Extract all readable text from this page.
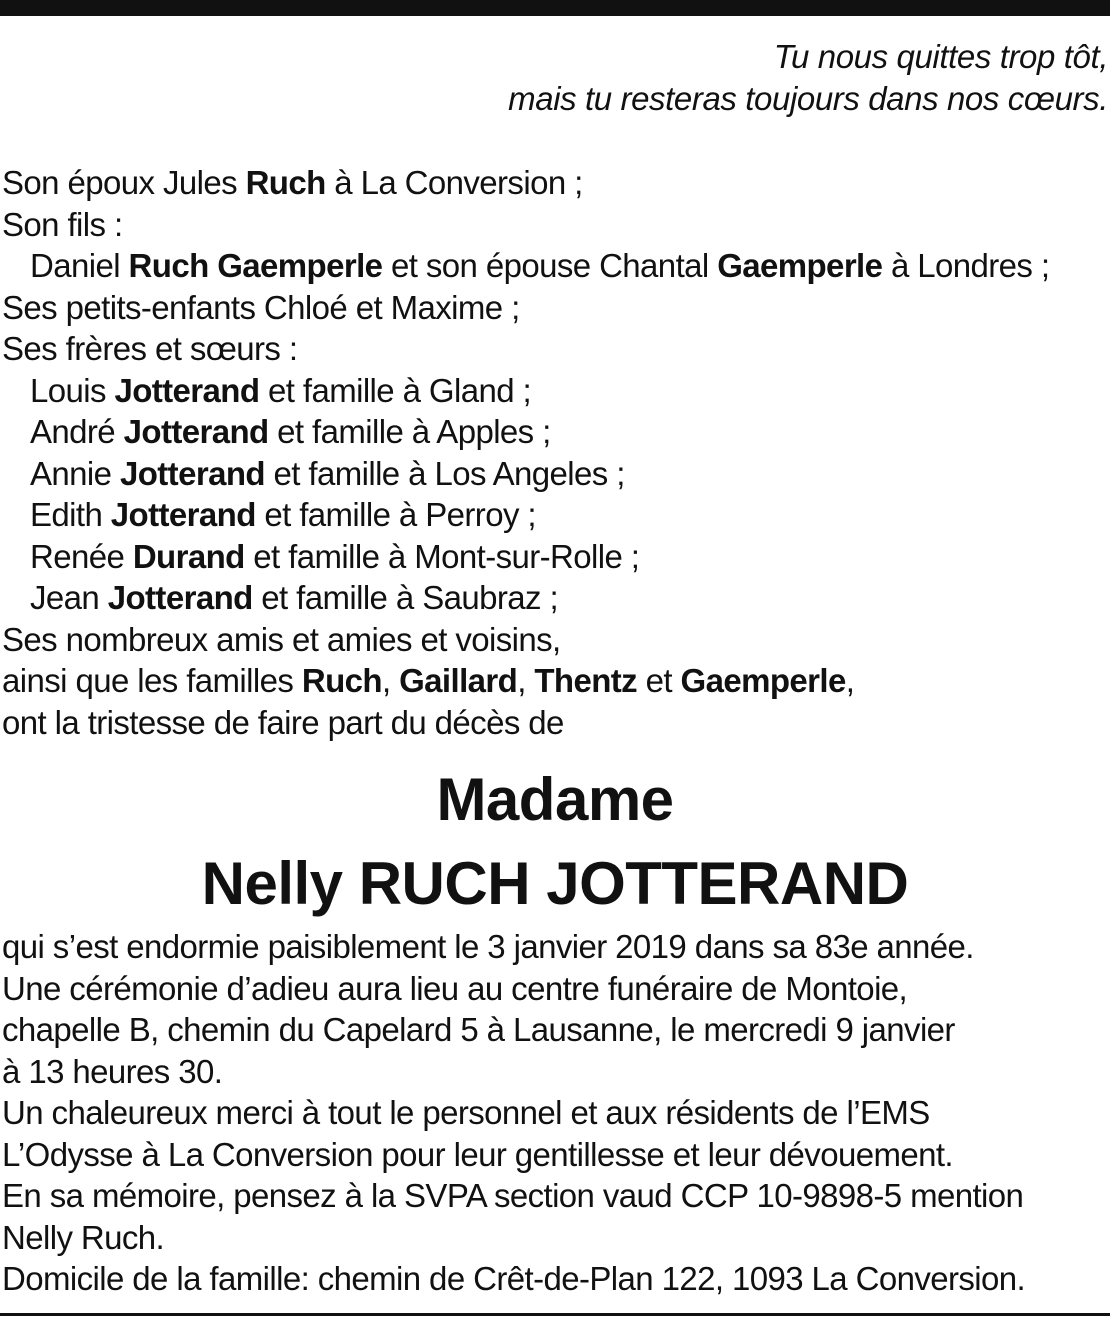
Tu nous quittes trop tôt,
mais tu resteras toujours dans nos cœurs.
Son époux Jules Ruch à La Conversion ;
Son fils :
Daniel Ruch Gaemperle et son épouse Chantal Gaemperle à Londres ;
Ses petits-enfants Chloé et Maxime ;
Ses frères et sœurs :
Louis Jotterand et famille à Gland ;
André Jotterand et famille à Apples ;
Annie Jotterand et famille à Los Angeles ;
Edith Jotterand et famille à Perroy ;
Renée Durand et famille à Mont-sur-Rolle ;
Jean Jotterand et famille à Saubraz ;
Ses nombreux amis et amies et voisins,
ainsi que les familles Ruch, Gaillard, Thentz et Gaemperle,
ont la tristesse de faire part du décès de
Madame
Nelly RUCH JOTTERAND
qui s’est endormie paisiblement le 3 janvier 2019 dans sa 83e année.
Une cérémonie d’adieu aura lieu au centre funéraire de Montoie,
chapelle B, chemin du Capelard 5 à Lausanne, le mercredi 9 janvier
à 13 heures 30.
Un chaleureux merci à tout le personnel et aux résidents de l’EMS
L’Odysse à La Conversion pour leur gentillesse et leur dévouement.
En sa mémoire, pensez à la SVPA section vaud CCP 10-9898-5 mention
Nelly Ruch.
Domicile de la famille: chemin de Crêt-de-Plan 122, 1093 La Conversion.
